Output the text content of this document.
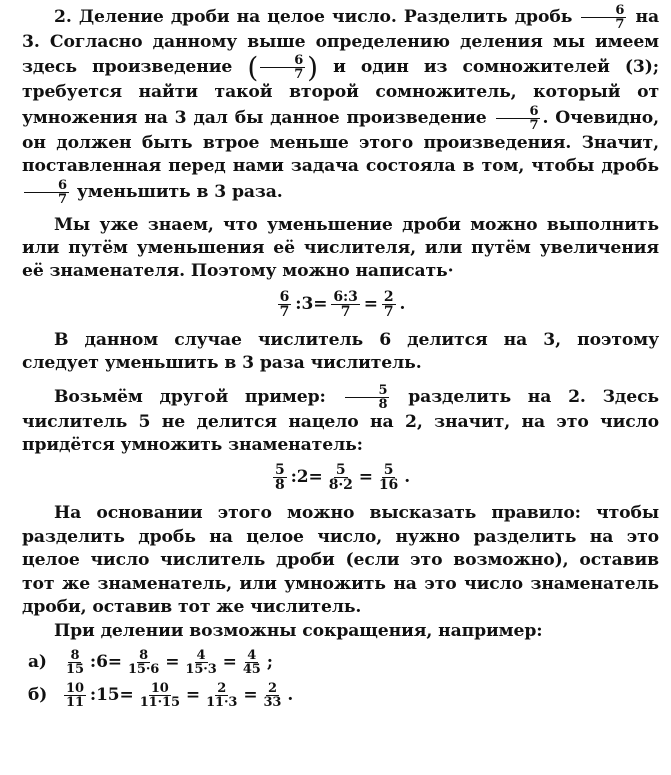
2. Деление дроби на целое число. Разделить дробь $\frac{6}{7}$ на 3. Согласно данному выше определению деления мы имеем здесь произведение ( $\frac{6}{7}$ ) и один из сомножителей (3); требуется найти такой второй сомножитель, который от умножения на 3 дал бы данное произведение $\frac{6}{7}$ . Очевидно, он должен быть втрое меньше этого произведения. Значит, поставленная перед нами задача состояла в том, чтобы дробь
$\frac{6}{7}$ уменьшить в 3 раза.

Мы уже знаем, что уменьшение дроби можно выполнить или путём уменьшения её числителя, или путём увеличения её знаменателя. Поэтому можно написать·

$\frac{6}{7}$ :3= $\frac{6:3}{7} = \frac{2}{7}$ .

В данном случае числитель 6 делится на 3, поэтому следует уменьшить в 3 раза числитель.

Возьмём другой пример: $\frac{5}{8}$ разделить на 2. Здесь числитель 5 не делится нацело на 2, значит, на это число придётся умножить знаменатель:

$\frac{5}{8}$ :2= $\frac{5}{8\cdot 2} = \frac{5}{16}$ .

На основании этого можно высказать правило: чтобы разделить дробь на целое число, нужно разделить на это целое число числитель дроби (если это возможно), оставив тот же знаменатель, или умножить на это число знаменатель дроби, оставив тот же числитель.

При делении возможны сокращения, например:

а)	$\frac{8}{15}$ :6= $\frac{8}{15\cdot 6} = \frac{4}{15\cdot 3} = \frac{4}{45}$ ;
б)	$\frac{10}{11}$ :15= $\frac{10}{11\cdot 15} = \frac{2}{11\cdot 3} = \frac{2}{33}$ .
